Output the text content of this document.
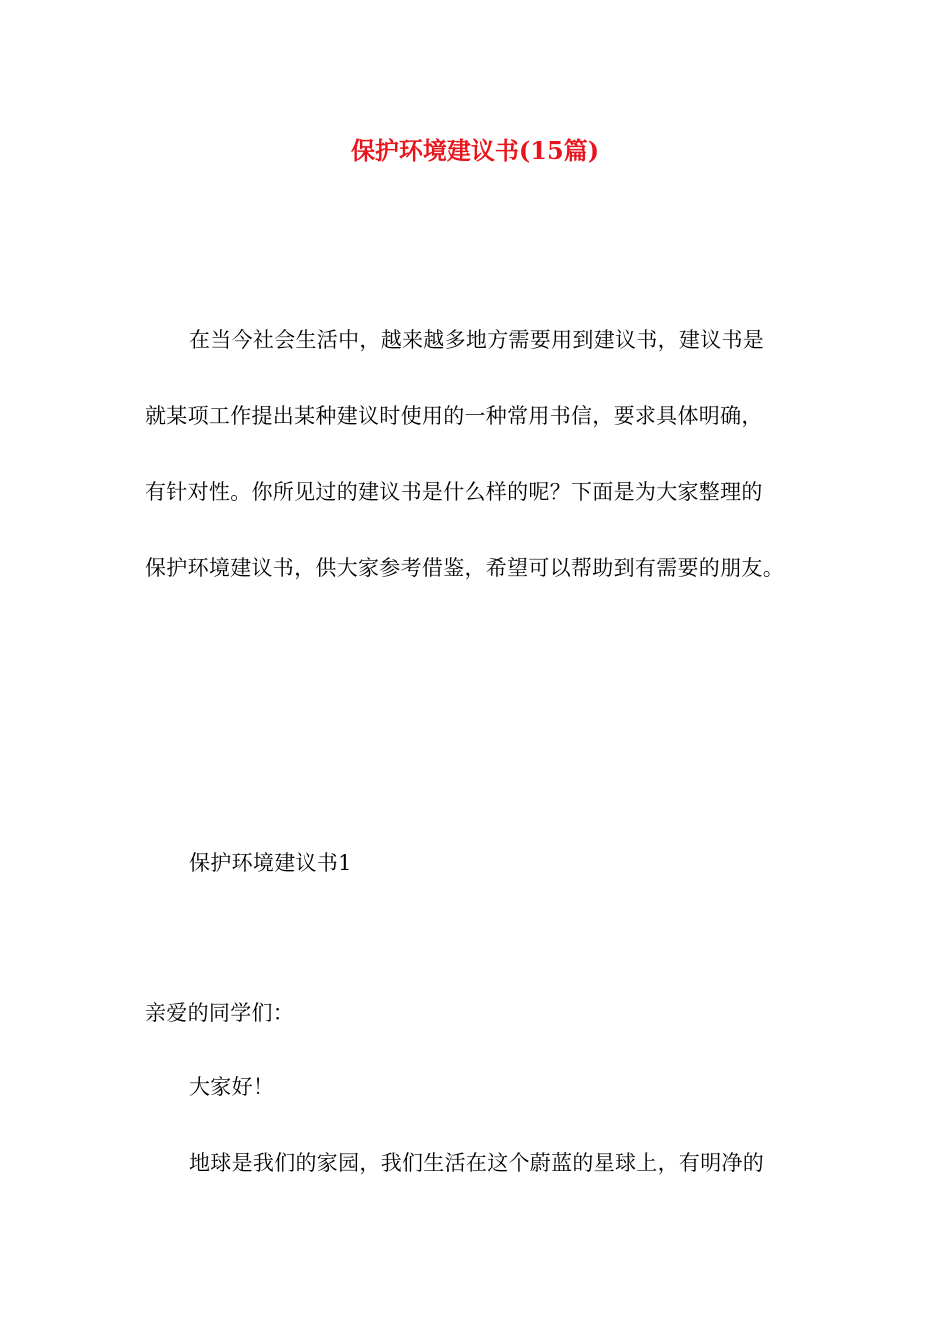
保护环境建议书(15篇)
在当今社会生活中，越来越多地方需要用到建议书，建议书是
就某项工作提出某种建议时使用的一种常用书信，要求具体明确，
有针对性。你所见过的建议书是什么样的呢？下面是为大家整理的
保护环境建议书，供大家参考借鉴，希望可以帮助到有需要的朋友。
保护环境建议书1
亲爱的同学们：
大家好！
地球是我们的家园，我们生活在这个蔚蓝的星球上，有明净的
